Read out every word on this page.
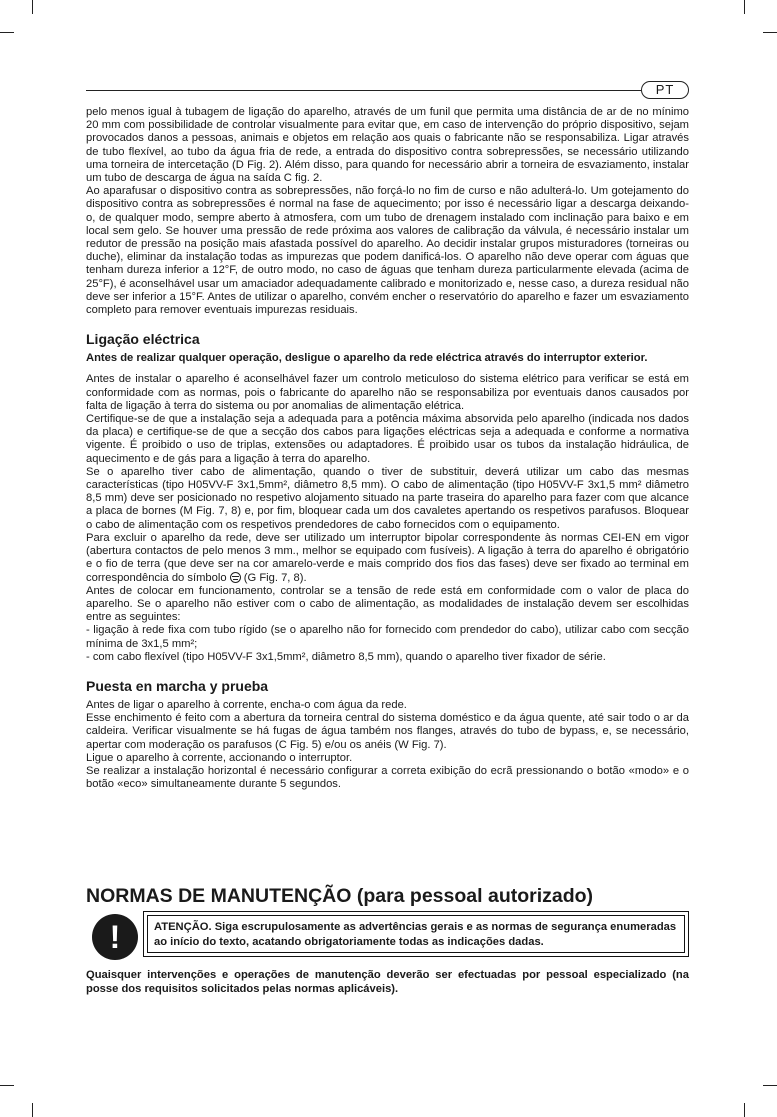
PT

pelo menos igual à tubagem de ligação do aparelho, através de um funil que permita uma distância de ar de no mínimo 20 mm com possibilidade de controlar visualmente para evitar que, em caso de intervenção do próprio dispositivo, sejam provocados danos a pessoas, animais e objetos em relação aos quais o fabricante não se responsabiliza. Ligar através de tubo flexível, ao tubo da água fria de rede, a entrada do dispositivo contra sobrepressões, se necessário utilizando uma torneira de intercetação (D Fig. 2). Além disso, para quando for necessário abrir a torneira de esvaziamento, instalar um tubo de descarga de água na saída C fig. 2.

Ao aparafusar o dispositivo contra as sobrepressões, não forçá-lo no fim de curso e não adulterá-lo. Um gotejamento do dispositivo contra as sobrepressões é normal na fase de aquecimento; por isso é necessário ligar a descarga deixando-o, de qualquer modo, sempre aberto à atmosfera, com um tubo de drenagem instalado com inclinação para baixo e em local sem gelo. Se houver uma pressão de rede próxima aos valores de calibração da válvula, é necessário instalar um redutor de pressão na posição mais afastada possível do aparelho. Ao decidir instalar grupos misturadores (torneiras ou duche), eliminar da instalação todas as impurezas que podem danificá-los. O aparelho não deve operar com águas que tenham dureza inferior a 12°F, de outro modo, no caso de águas que tenham dureza particularmente elevada (acima de 25°F), é aconselhável usar um amaciador adequadamente calibrado e monitorizado e, nesse caso, a dureza residual não deve ser inferior a 15°F. Antes de utilizar o aparelho, convém encher o reservatório do aparelho e fazer um esvaziamento completo para remover eventuais impurezas residuais.

Ligação eléctrica

Antes de realizar qualquer operação, desligue o aparelho da rede eléctrica através do interruptor exterior.

Antes de instalar o aparelho é aconselhável fazer um controlo meticuloso do sistema elétrico para verificar se está em conformidade com as normas, pois o fabricante do aparelho não se responsabiliza por eventuais danos causados por falta de ligação à terra do sistema ou por anomalias de alimentação elétrica.

Certifique-se de que a instalação seja a adequada para a potência máxima absorvida pelo aparelho (indicada nos dados da placa) e certifique-se de que a secção dos cabos para ligações eléctricas seja a adequada e conforme a normativa vigente. É proibido o uso de triplas, extensões ou adaptadores. É proibido usar os tubos da instalação hidráulica, de aquecimento e de gás para a ligação à terra do aparelho.

Se o aparelho tiver cabo de alimentação, quando o tiver de substituir, deverá utilizar um cabo das mesmas características (tipo H05VV-F 3x1,5mm², diâmetro 8,5 mm). O cabo de alimentação (tipo H05VV-F 3x1,5 mm² diâmetro 8,5 mm) deve ser posicionado no respetivo alojamento situado na parte traseira do aparelho para fazer com que alcance a placa de bornes (M Fig. 7, 8) e, por fim, bloquear cada um dos cavaletes apertando os respetivos parafusos. Bloquear o cabo de alimentação com os respetivos prendedores de cabo fornecidos com o equipamento.

Para excluir o aparelho da rede, deve ser utilizado um interruptor bipolar correspondente às normas CEI-EN em vigor (abertura contactos de pelo menos 3 mm., melhor se equipado com fusíveis). A ligação à terra do aparelho é obrigatório e o fio de terra (que deve ser na cor amarelo-verde e mais comprido dos fios das fases) deve ser fixado ao terminal em correspondência do símbolo  (G Fig. 7, 8).

Antes de colocar em funcionamento, controlar se a tensão de rede está em conformidade com o valor de placa do aparelho. Se o aparelho não estiver com o cabo de alimentação, as modalidades de instalação devem ser escolhidas entre as seguintes:

- ligação à rede fixa com tubo rígido (se o aparelho não for fornecido com prendedor do cabo), utilizar cabo com secção mínima de 3x1,5 mm²;

- com cabo flexível (tipo H05VV-F 3x1,5mm², diâmetro 8,5 mm), quando o aparelho tiver fixador de série.

Puesta en marcha y prueba

Antes de ligar o aparelho à corrente, encha-o com água da rede.

Esse enchimento é feito com a abertura da torneira central do sistema doméstico e da água quente, até sair todo o ar da caldeira. Verificar visualmente se há fugas de água também nos flanges, através do tubo de bypass, e, se necessário, apertar com moderação os parafusos (C Fig. 5) e/ou os anéis (W Fig. 7).

Ligue o aparelho à corrente, accionando o interruptor.

Se realizar a instalação horizontal é necessário configurar a correta exibição do ecrã pressionando o botão «modo» e o botão «eco» simultaneamente durante 5 segundos.

NORMAS DE MANUTENÇÃO (para pessoal autorizado)
!	ATENÇÃO. Siga escrupulosamente as advertências gerais e as normas de segurança enumeradas ao início do texto, acatando obrigatoriamente todas as indicações dadas.
Quaisquer intervenções e operações de manutenção deverão ser efectuadas por pessoal especializado (na posse dos requisitos solicitados pelas normas aplicáveis).
